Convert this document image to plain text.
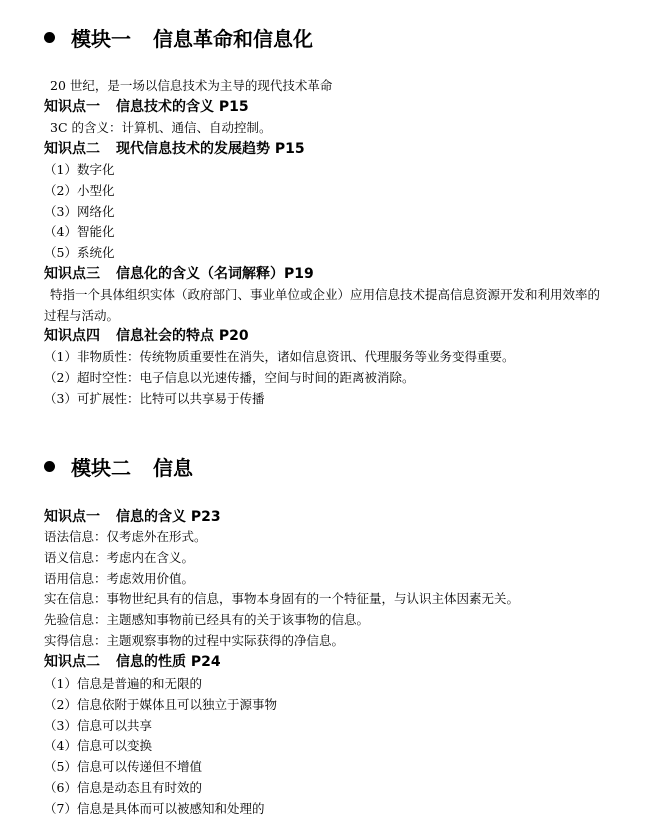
模块一 信息革命和信息化
20 世纪，是一场以信息技术为主导的现代技术革命
知识点一 信息技术的含义 P15
3C 的含义：计算机、通信、自动控制。
知识点二 现代信息技术的发展趋势 P15
（1）数字化
（2）小型化
（3）网络化
（4）智能化
（5）系统化
知识点三 信息化的含义（名词解释）P19
特指一个具体组织实体（政府部门、事业单位或企业）应用信息技术提高信息资源开发和利用效率的过程与活动。
知识点四 信息社会的特点 P20
（1）非物质性：传统物质重要性在消失，诸如信息资讯、代理服务等业务变得重要。
（2）超时空性：电子信息以光速传播，空间与时间的距离被消除。
（3）可扩展性：比特可以共享易于传播
模块二 信息
知识点一 信息的含义 P23
语法信息：仅考虑外在形式。
语义信息：考虑内在含义。
语用信息：考虑效用价值。
实在信息：事物世纪具有的信息，事物本身固有的一个特征量，与认识主体因素无关。
先验信息：主题感知事物前已经具有的关于该事物的信息。
实得信息：主题观察事物的过程中实际获得的净信息。
知识点二 信息的性质 P24
（1）信息是普遍的和无限的
（2）信息依附于媒体且可以独立于源事物
（3）信息可以共享
（4）信息可以变换
（5）信息可以传递但不增值
（6）信息是动态且有时效的
（7）信息是具体而可以被感知和处理的
